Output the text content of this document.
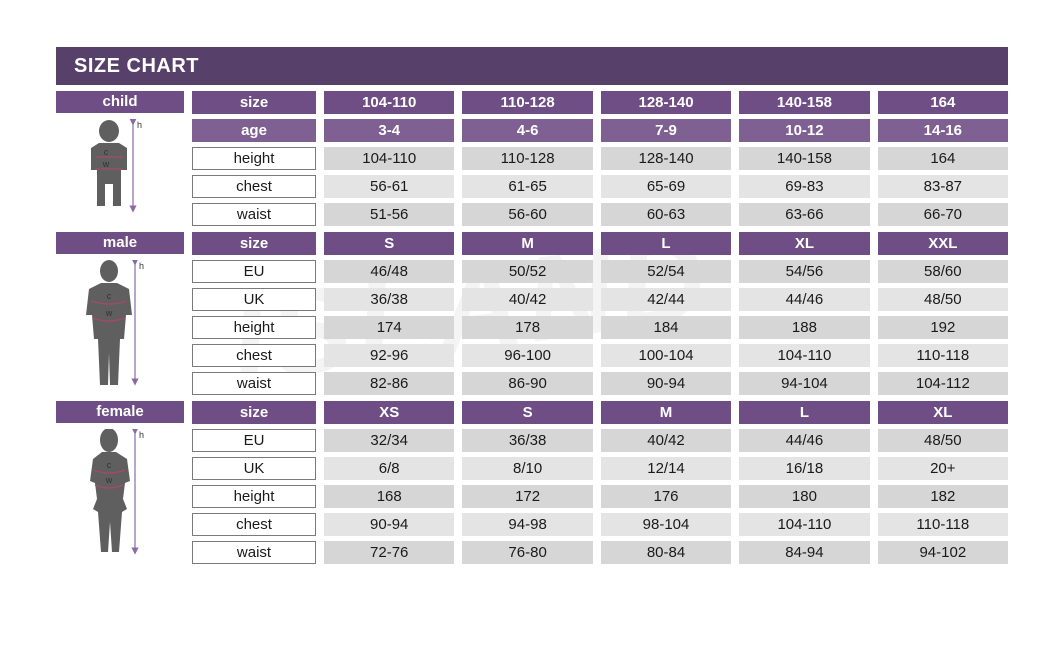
SIZE CHART
child
h
c
w
size	104-110	110-128	128-140	140-158	164
age	3-4	4-6	7-9	10-12	14-16
height	104-110	110-128	128-140	140-158	164
chest	56-61	61-65	65-69	69-83	83-87
waist	51-56	56-60	60-63	63-66	66-70
male
h
c
w
size	S	M	L	XL	XXL
EU	46/48	50/52	52/54	54/56	58/60
UK	36/38	40/42	42/44	44/46	48/50
height	174	178	184	188	192
chest	92-96	96-100	100-104	104-110	110-118
waist	82-86	86-90	90-94	94-104	104-112
female
h
c
w
size	XS	S	M	L	XL
EU	32/34	36/38	40/42	44/46	48/50
UK	6/8	8/10	12/14	16/18	20+
height	168	172	176	180	182
chest	90-94	94-98	98-104	104-110	110-118
waist	72-76	76-80	80-84	84-94	94-102
